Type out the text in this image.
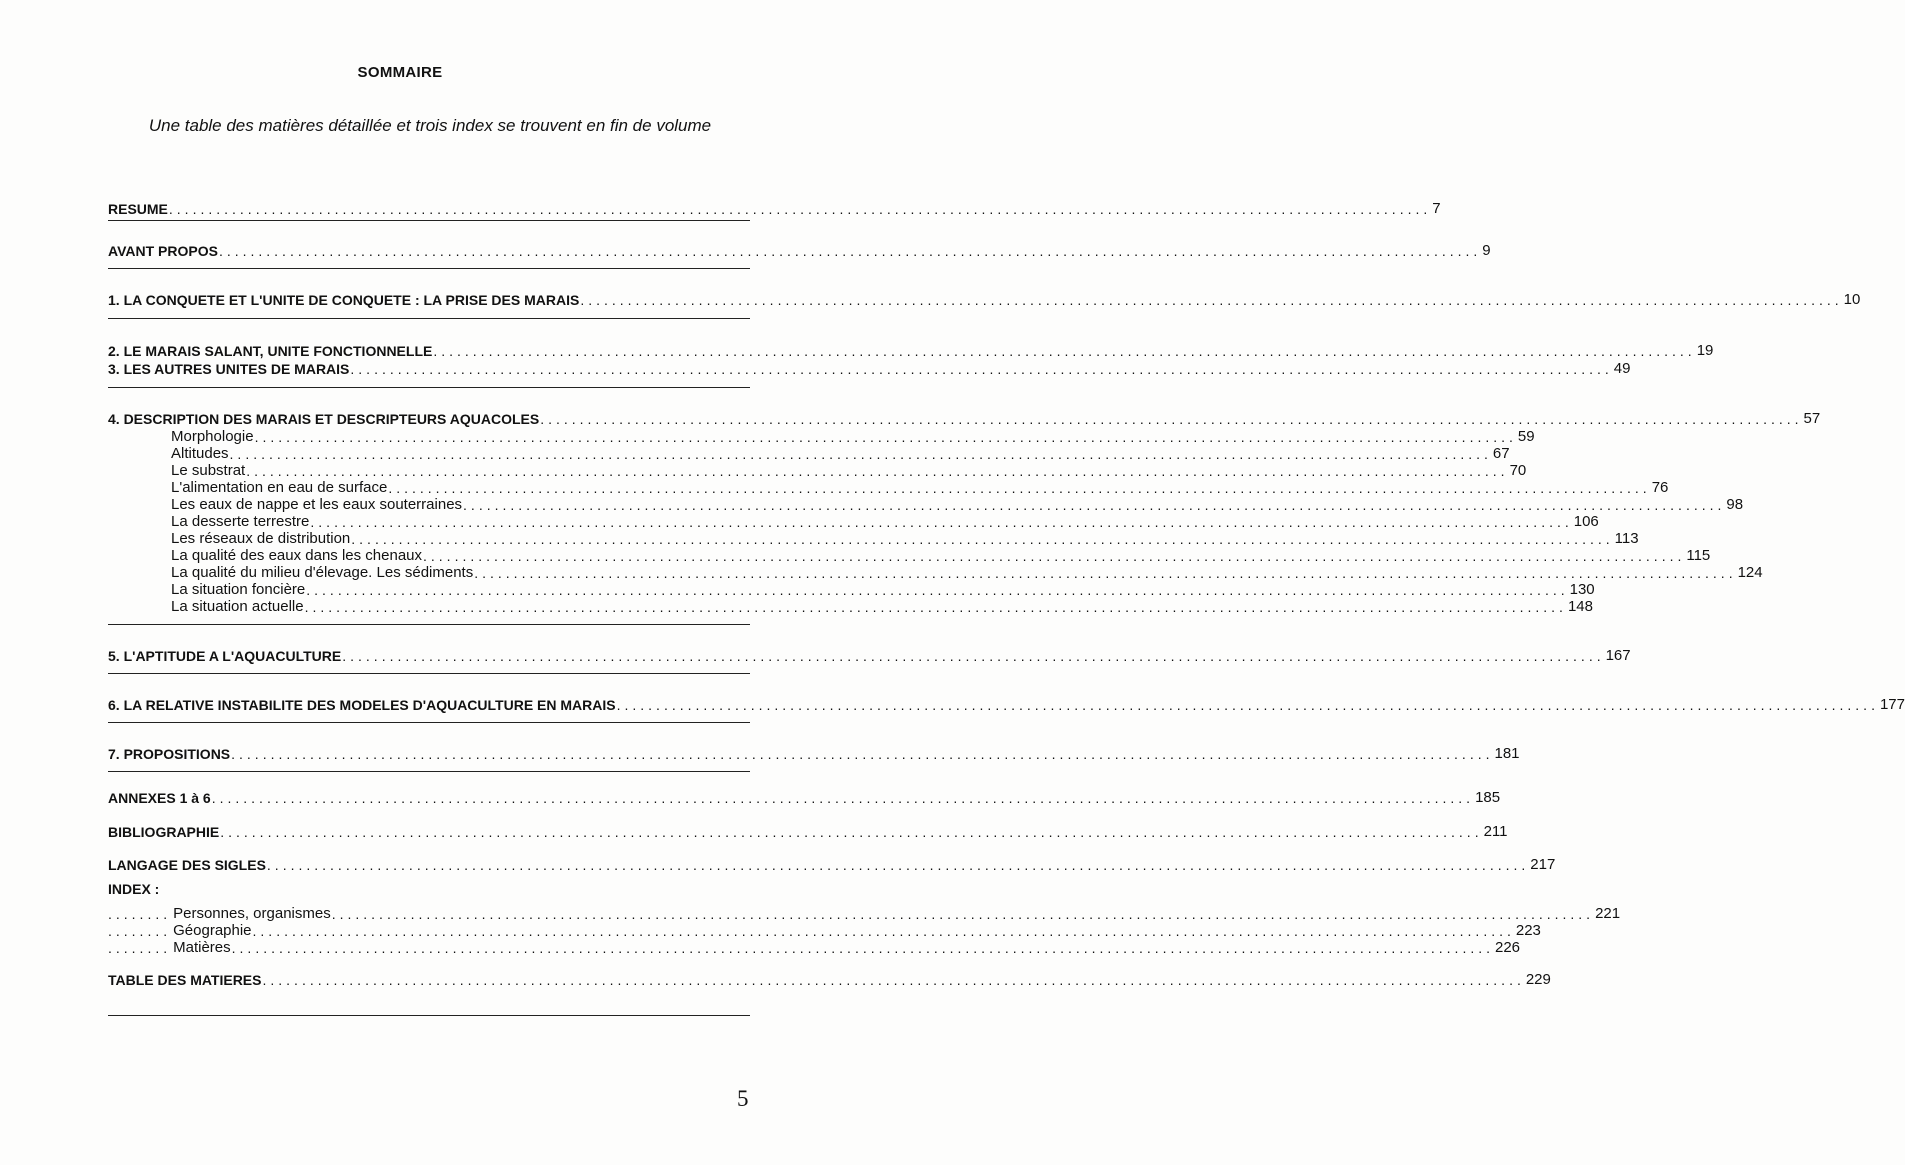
SOMMAIRE
Une table des matières détaillée et trois index se trouvent en fin de volume
RESUME ................................................................................................................................................................ 7
AVANT PROPOS ................................................................................................................................................................ 9
1. LA CONQUETE ET L'UNITE DE CONQUETE : LA PRISE DES MARAIS ................................................................................................................................................................ 10
2. LE MARAIS SALANT, UNITE FONCTIONNELLE ................................................................................................................................................................ 19
3. LES AUTRES UNITES DE MARAIS ................................................................................................................................................................ 49
4. DESCRIPTION DES MARAIS ET DESCRIPTEURS AQUACOLES ................................................................................................................................................................ 57
Morphologie ................................................................................................................................................................ 59
Altitudes ................................................................................................................................................................ 67
Le substrat ................................................................................................................................................................ 70
L'alimentation en eau de surface ................................................................................................................................................................ 76
Les eaux de nappe et les eaux souterraines ................................................................................................................................................................ 98
La desserte terrestre ................................................................................................................................................................ 106
Les réseaux de distribution ................................................................................................................................................................ 113
La qualité des eaux dans les chenaux ................................................................................................................................................................ 115
La qualité du milieu d'élevage. Les sédiments ................................................................................................................................................................ 124
La situation foncière ................................................................................................................................................................ 130
La situation actuelle ................................................................................................................................................................ 148
5. L'APTITUDE A L'AQUACULTURE ................................................................................................................................................................ 167
6. LA RELATIVE INSTABILITE DES MODELES D'AQUACULTURE EN MARAIS ................................................................................................................................................................ 177
7. PROPOSITIONS ................................................................................................................................................................ 181
ANNEXES 1 à 6 ................................................................................................................................................................ 185
BIBLIOGRAPHIE ................................................................................................................................................................ 211
LANGAGE DES SIGLES ................................................................................................................................................................ 217
INDEX :
........ Personnes, organismes ................................................................................................................................................................ 221
........ Géographie ................................................................................................................................................................ 223
........ Matières ................................................................................................................................................................ 226
TABLE DES MATIERES ................................................................................................................................................................ 229
5
